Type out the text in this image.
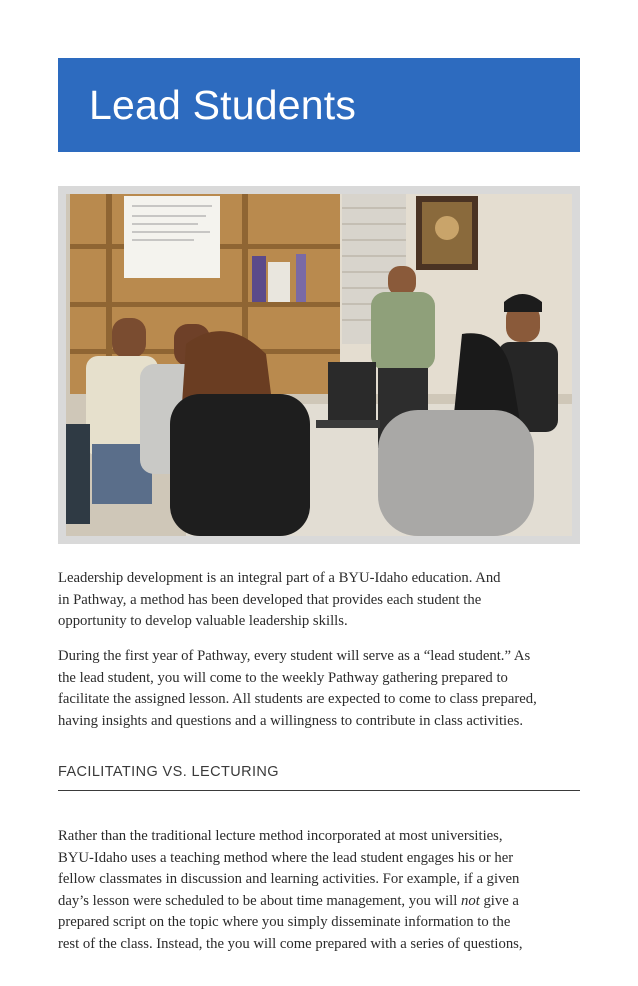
Lead Students

Leadership development is an integral part of a BYU-Idaho education. And
in Pathway, a method has been developed that provides each student the
opportunity to develop valuable leadership skills.

During the first year of Pathway, every student will serve as a “lead student.” As
the lead student, you will come to the weekly Pathway gathering prepared to
facilitate the assigned lesson. All students are expected to come to class prepared,
having insights and questions and a willingness to contribute in class activities.

FACILITATING VS. LECTURING

Rather than the traditional lecture method incorporated at most universities,
BYU-Idaho uses a teaching method where the lead student engages his or her
fellow classmates in discussion and learning activities. For example, if a given
day’s lesson were scheduled to be about time management, you will not give a
prepared script on the topic where you simply disseminate information to the
rest of the class. Instead, the you will come prepared with a series of questions,
